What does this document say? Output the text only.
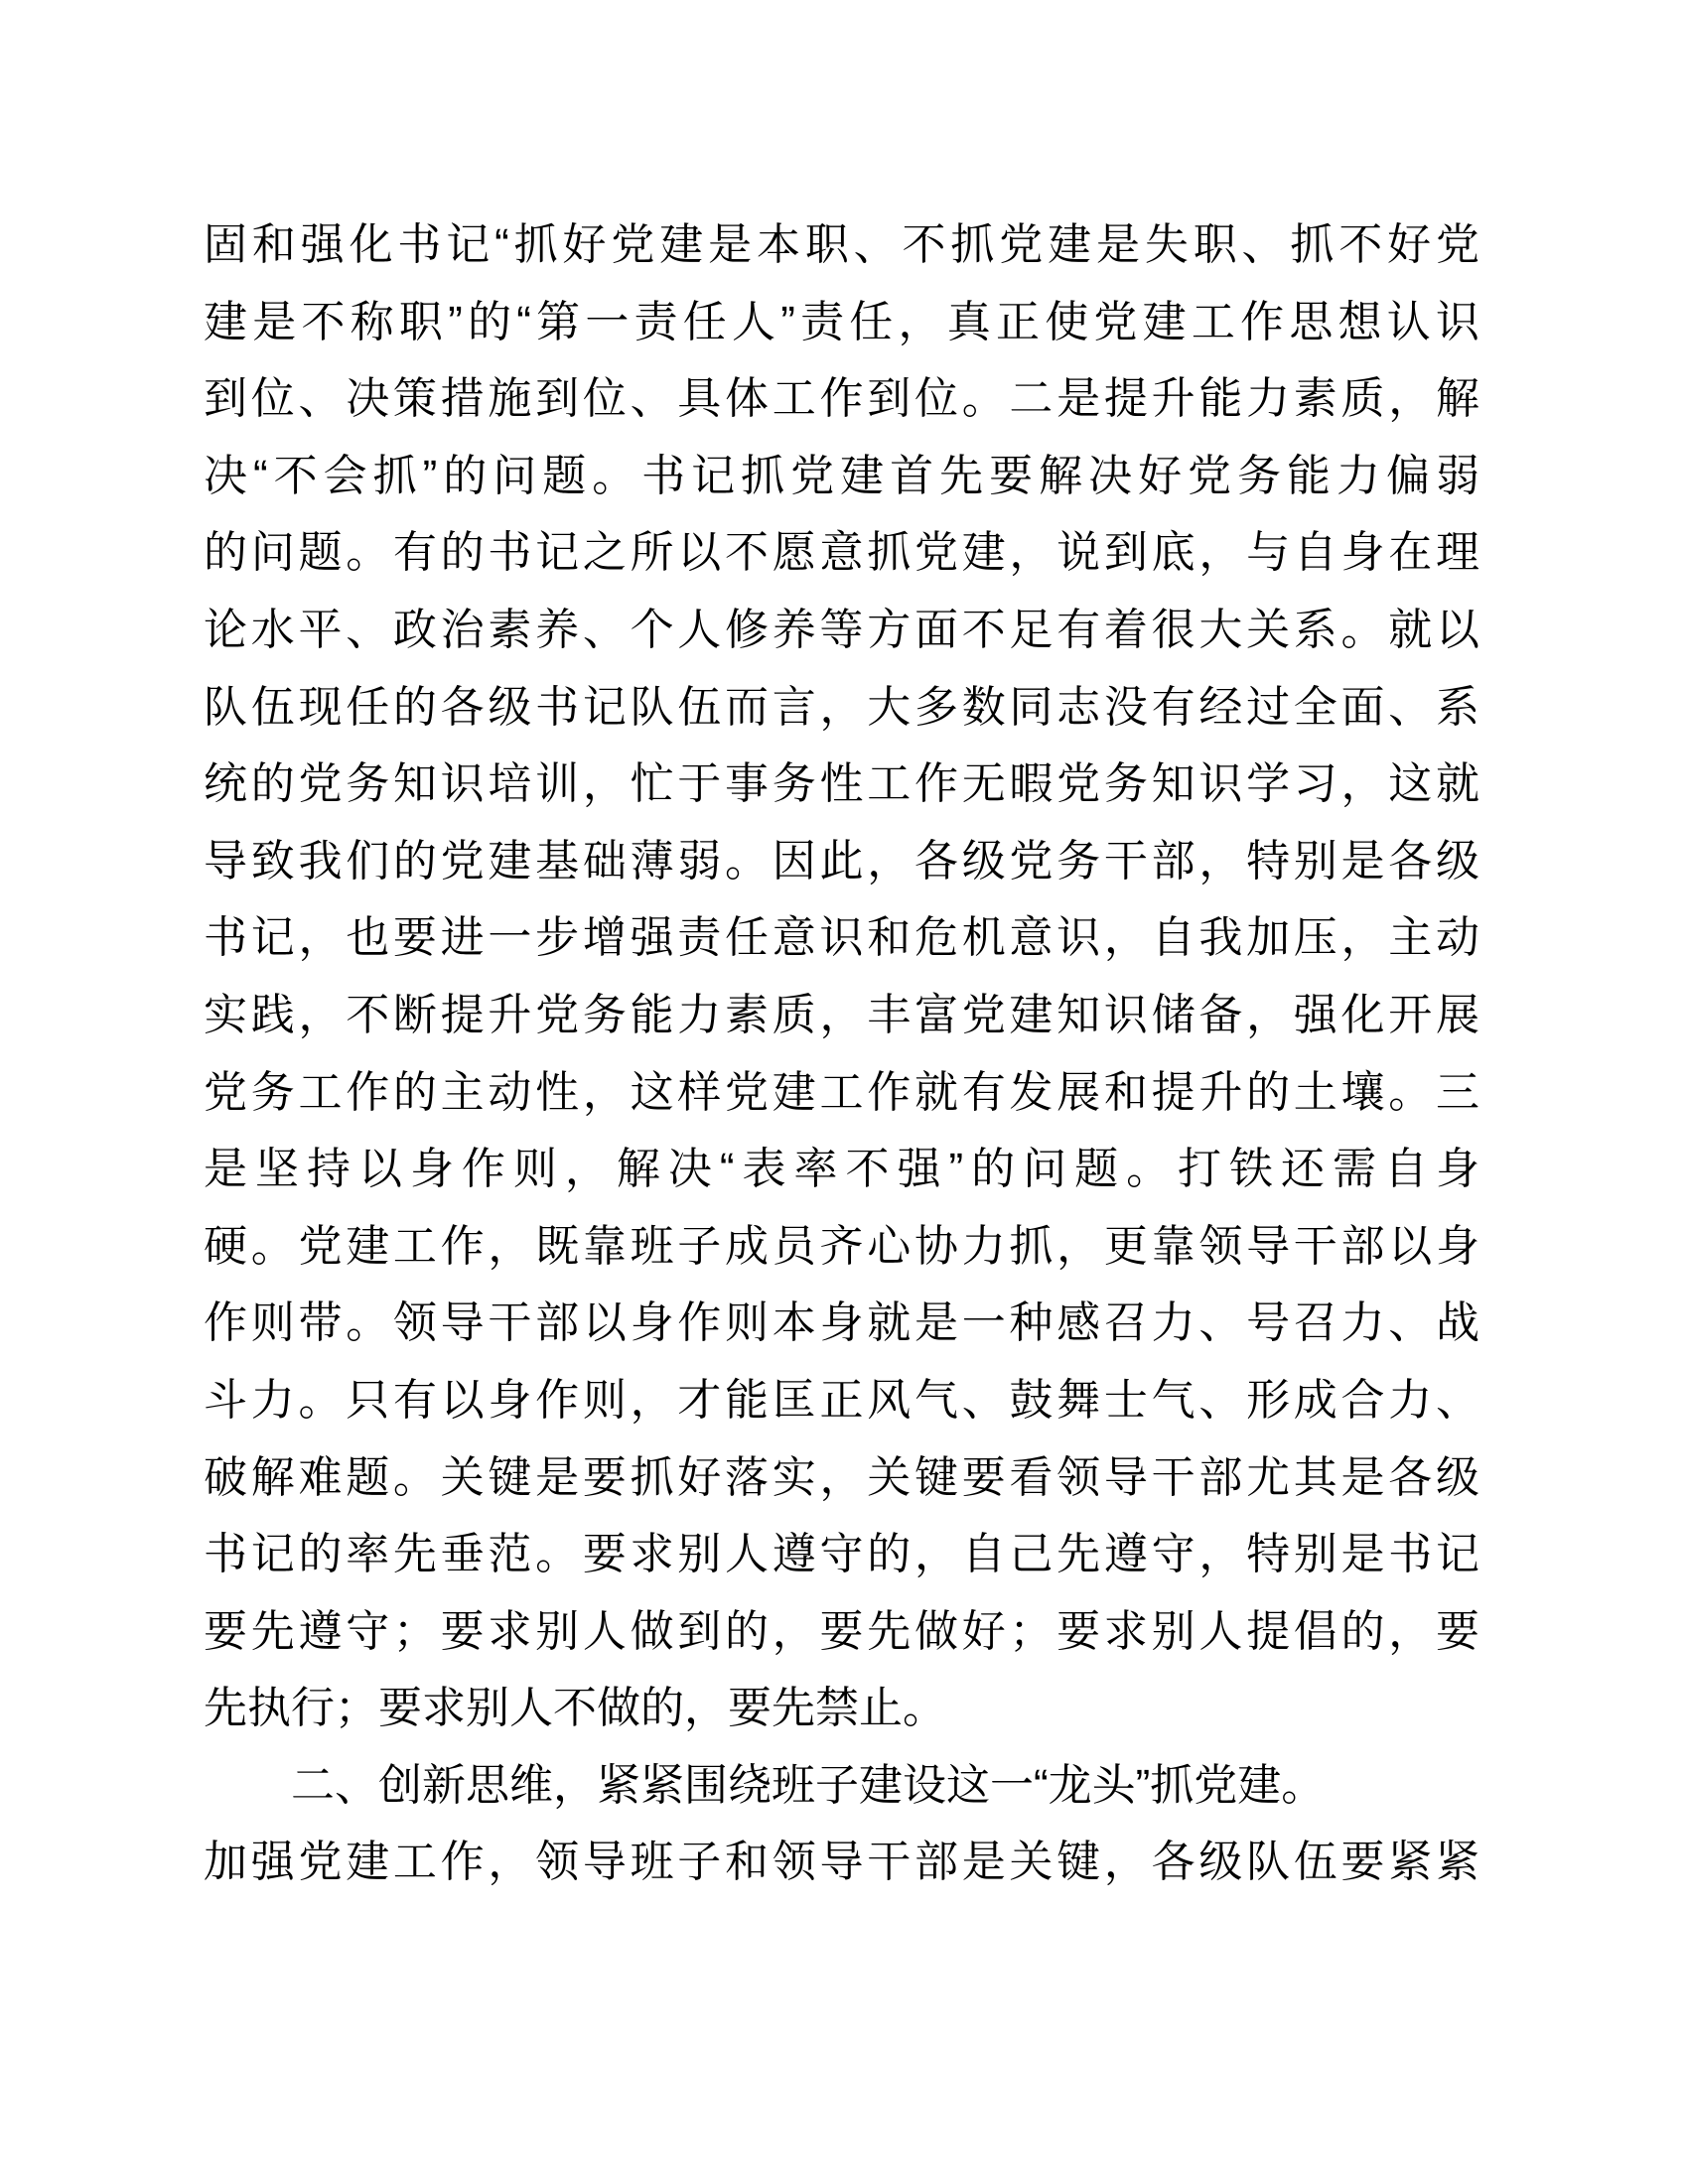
固和强化书记“抓好党建是本职、不抓党建是失职、抓不好党
建是不称职”的“第一责任人”责任，真正使党建工作思想认识
到位、决策措施到位、具体工作到位。二是提升能力素质，解
决“不会抓”的问题。书记抓党建首先要解决好党务能力偏弱
的问题。有的书记之所以不愿意抓党建，说到底，与自身在理
论水平、政治素养、个人修养等方面不足有着很大关系。就以
队伍现任的各级书记队伍而言，大多数同志没有经过全面、系
统的党务知识培训，忙于事务性工作无暇党务知识学习，这就
导致我们的党建基础薄弱。因此，各级党务干部，特别是各级
书记，也要进一步增强责任意识和危机意识，自我加压，主动
实践，不断提升党务能力素质，丰富党建知识储备，强化开展
党务工作的主动性，这样党建工作就有发展和提升的土壤。三
是坚持以身作则，解决“表率不强”的问题。打铁还需自身
硬。党建工作，既靠班子成员齐心协力抓，更靠领导干部以身
作则带。领导干部以身作则本身就是一种感召力、号召力、战
斗力。只有以身作则，才能匡正风气、鼓舞士气、形成合力、
破解难题。关键是要抓好落实，关键要看领导干部尤其是各级
书记的率先垂范。要求别人遵守的，自己先遵守，特别是书记
要先遵守；要求别人做到的，要先做好；要求别人提倡的，要
先执行；要求别人不做的，要先禁止。
二、创新思维，紧紧围绕班子建设这一“龙头”抓党建。
加强党建工作，领导班子和领导干部是关键，各级队伍要紧紧
